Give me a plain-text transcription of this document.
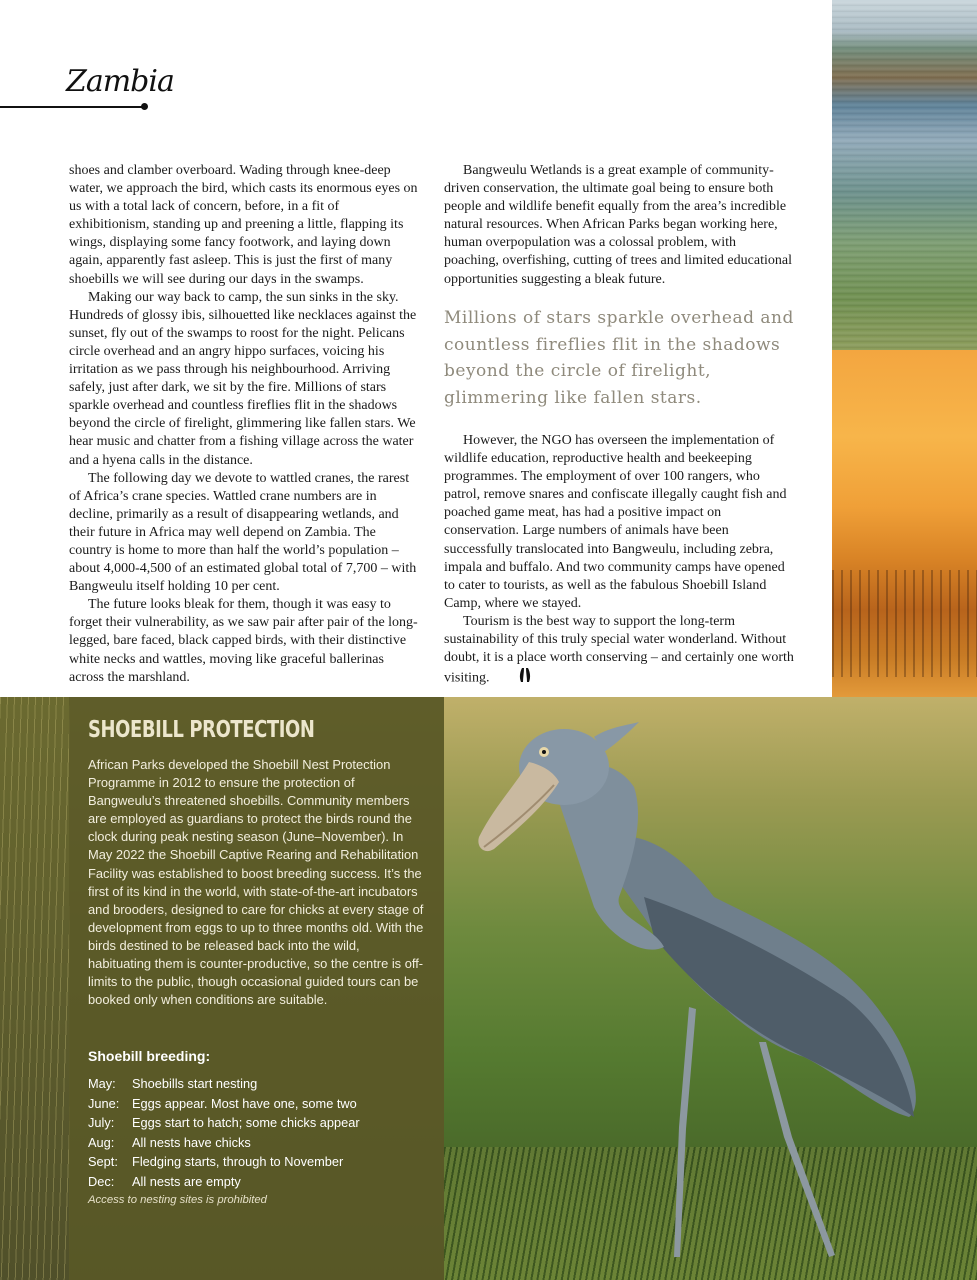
Zambia

shoes and clamber overboard. Wading through knee-deep water, we approach the bird, which casts its enormous eyes on us with a total lack of concern, before, in a fit of exhibitionism, standing up and preening a little, flapping its wings, displaying some fancy footwork, and laying down again, apparently fast asleep. This is just the first of many shoebills we will see during our days in the swamps.

Making our way back to camp, the sun sinks in the sky. Hundreds of glossy ibis, silhouetted like necklaces against the sunset, fly out of the swamps to roost for the night. Pelicans circle overhead and an angry hippo surfaces, voicing his irritation as we pass through his neighbourhood. Arriving safely, just after dark, we sit by the fire. Millions of stars sparkle overhead and countless fireflies flit in the shadows beyond the circle of firelight, glimmering like fallen stars. We hear music and chatter from a fishing village across the water and a hyena calls in the distance.

The following day we devote to wattled cranes, the rarest of Africa’s crane species. Wattled crane numbers are in decline, primarily as a result of disappearing wetlands, and their future in Africa may well depend on Zambia. The country is home to more than half the world’s population – about 4,000-4,500 of an estimated global total of 7,700 – with Bangweulu itself holding 10 per cent.

The future looks bleak for them, though it was easy to forget their vulnerability, as we saw pair after pair of the long-legged, bare faced, black capped birds, with their distinctive white necks and wattles, moving like graceful ballerinas across the marshland.

Bangweulu Wetlands is a great example of community-driven conservation, the ultimate goal being to ensure both people and wildlife benefit equally from the area’s incredible natural resources. When African Parks began working here, human overpopulation was a colossal problem, with poaching, overfishing, cutting of trees and limited educational opportunities suggesting a bleak future.

Millions of stars sparkle overhead and countless fireflies flit in the shadows beyond the circle of firelight, glimmering like fallen stars.

However, the NGO has overseen the implementation of wildlife education, reproductive health and beekeeping programmes. The employment of over 100 rangers, who patrol, remove snares and confiscate illegally caught fish and poached game meat, has had a positive impact on conservation. Large numbers of animals have been successfully translocated into Bangweulu, including zebra, impala and buffalo. And two community camps have opened to cater to tourists, as well as the fabulous Shoebill Island Camp, where we stayed.

Tourism is the best way to support the long-term sustainability of this truly special water wonderland. Without doubt, it is a place worth conserving – and certainly one worth visiting.

SHOEBILL PROTECTION

African Parks developed the Shoebill Nest Protection Programme in 2012 to ensure the protection of Bangweulu’s threatened shoebills. Community members are employed as guardians to protect the birds round the clock during peak nesting season (June–November). In May 2022 the Shoebill Captive Rearing and Rehabilitation Facility was established to boost breeding success. It’s the first of its kind in the world, with state-of-the-art incubators and brooders, designed to care for chicks at every stage of development from eggs to up to three months old. With the birds destined to be released back into the wild, habituating them is counter-productive, so the centre is off-limits to the public, though occasional guided tours can be booked only when conditions are suitable.

Shoebill breeding:

May:	Shoebills start nesting
June: Eggs appear. Most have one, some two
July:	Eggs start to hatch; some chicks appear
Aug:	All nests have chicks
Sept:	Fledging starts, through to November
Dec:	All nests are empty

Access to nesting sites is prohibited
